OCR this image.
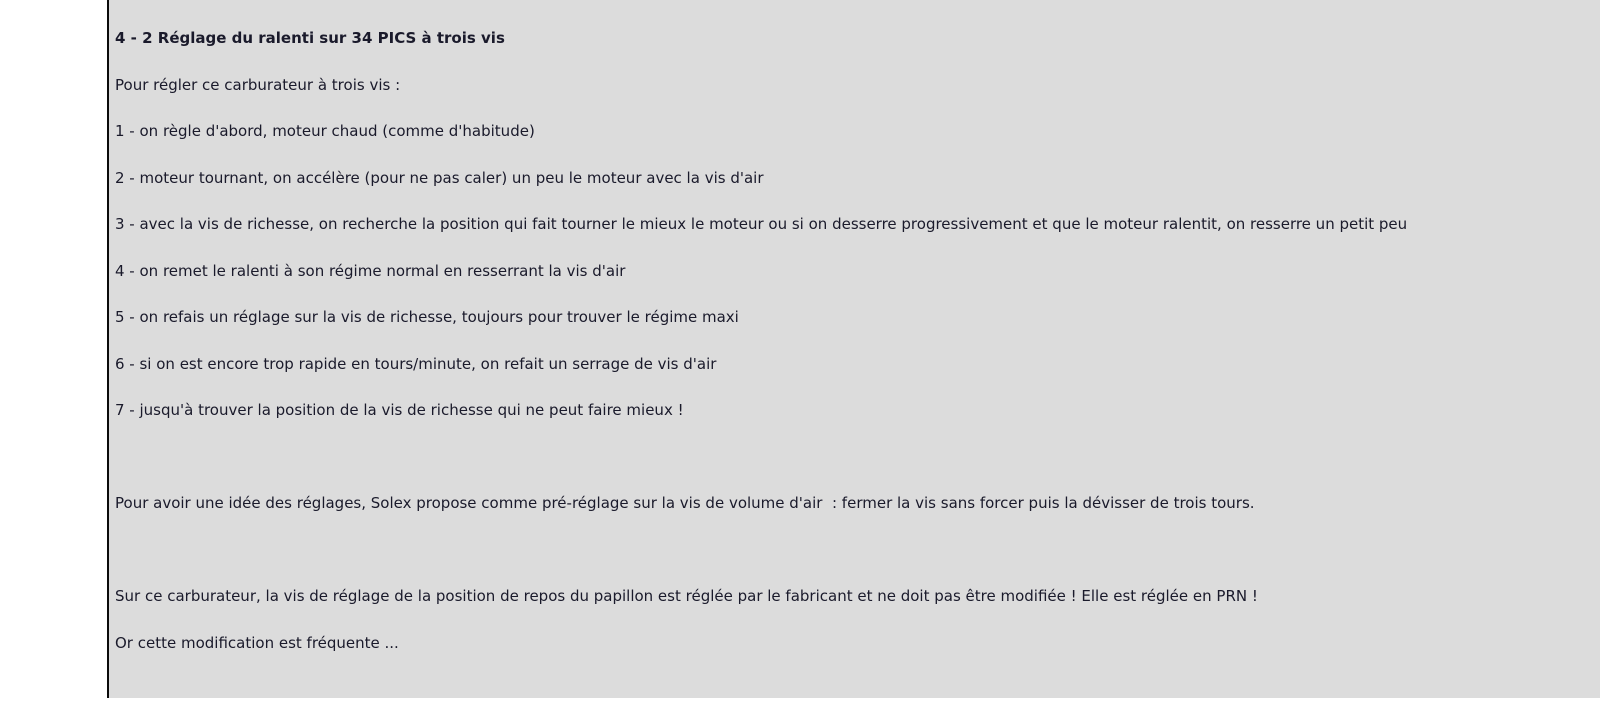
4 - 2 Réglage du ralenti sur 34 PICS à trois vis
Pour régler ce carburateur à trois vis :
1 - on règle d'abord, moteur chaud (comme d'habitude)
2 - moteur tournant, on accélère (pour ne pas caler) un peu le moteur avec la vis d'air
3 - avec la vis de richesse, on recherche la position qui fait tourner le mieux le moteur ou si on desserre progressivement et que le moteur ralentit, on resserre un petit peu
4 - on remet le ralenti à son régime normal en resserrant la vis d'air
5 - on refais un réglage sur la vis de richesse, toujours pour trouver le régime maxi
6 - si on est encore trop rapide en tours/minute, on refait un serrage de vis d'air
7 - jusqu'à trouver la position de la vis de richesse qui ne peut faire mieux !
Pour avoir une idée des réglages, Solex propose comme pré-réglage sur la vis de volume d'air  : fermer la vis sans forcer puis la dévisser de trois tours.
Sur ce carburateur, la vis de réglage de la position de repos du papillon est réglée par le fabricant et ne doit pas être modifiée ! Elle est réglée en PRN !
Or cette modification est fréquente ...
